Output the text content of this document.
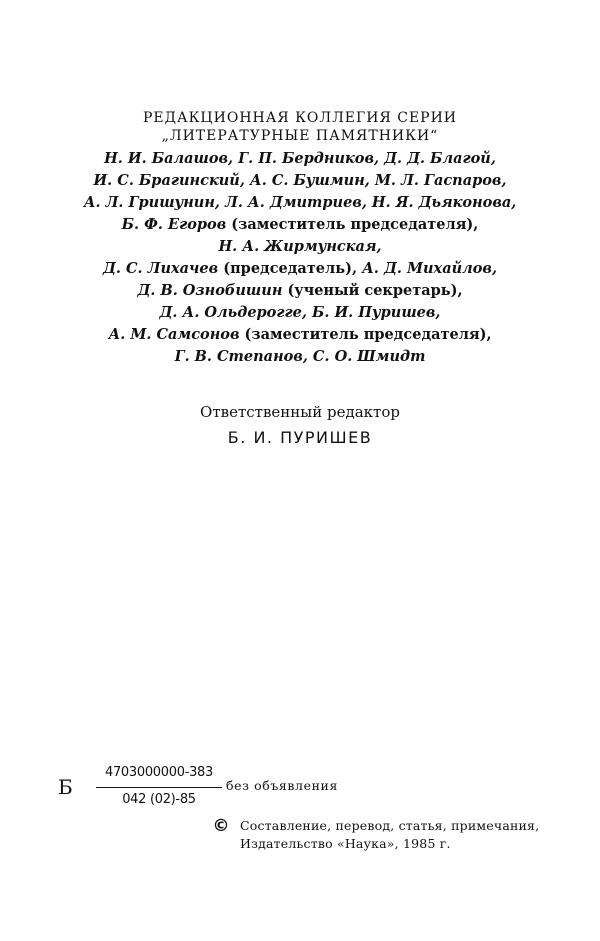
РЕДАКЦИОННАЯ КОЛЛЕГИЯ СЕРИИ
„ЛИТЕРАТУРНЫЕ ПАМЯТНИКИ“
Н. И. Балашов, Г. П. Бердников, Д. Д. Благой,
И. С. Брагинский, А. С. Бушмин, М. Л. Гаспаров,
А. Л. Гришунин, Л. А. Дмитриев, Н. Я. Дьяконова,
Б. Ф. Егоров (заместитель председателя),
Н. А. Жирмунская,
Д. С. Лихачев (председатель), А. Д. Михайлов,
Д. В. Ознобишин (ученый секретарь),
Д. А. Ольдерогге, Б. И. Пуришев,
А. М. Самсонов (заместитель председателя),
Г. В. Степанов, С. О. Шмидт
Ответственный редактор
Б. И. ПУРИШЕВ
Б
4703000000-383
042 (02)-85
без объявления
© Составление, перевод, статья, примечания,
Издательство «Наука», 1985 г.
